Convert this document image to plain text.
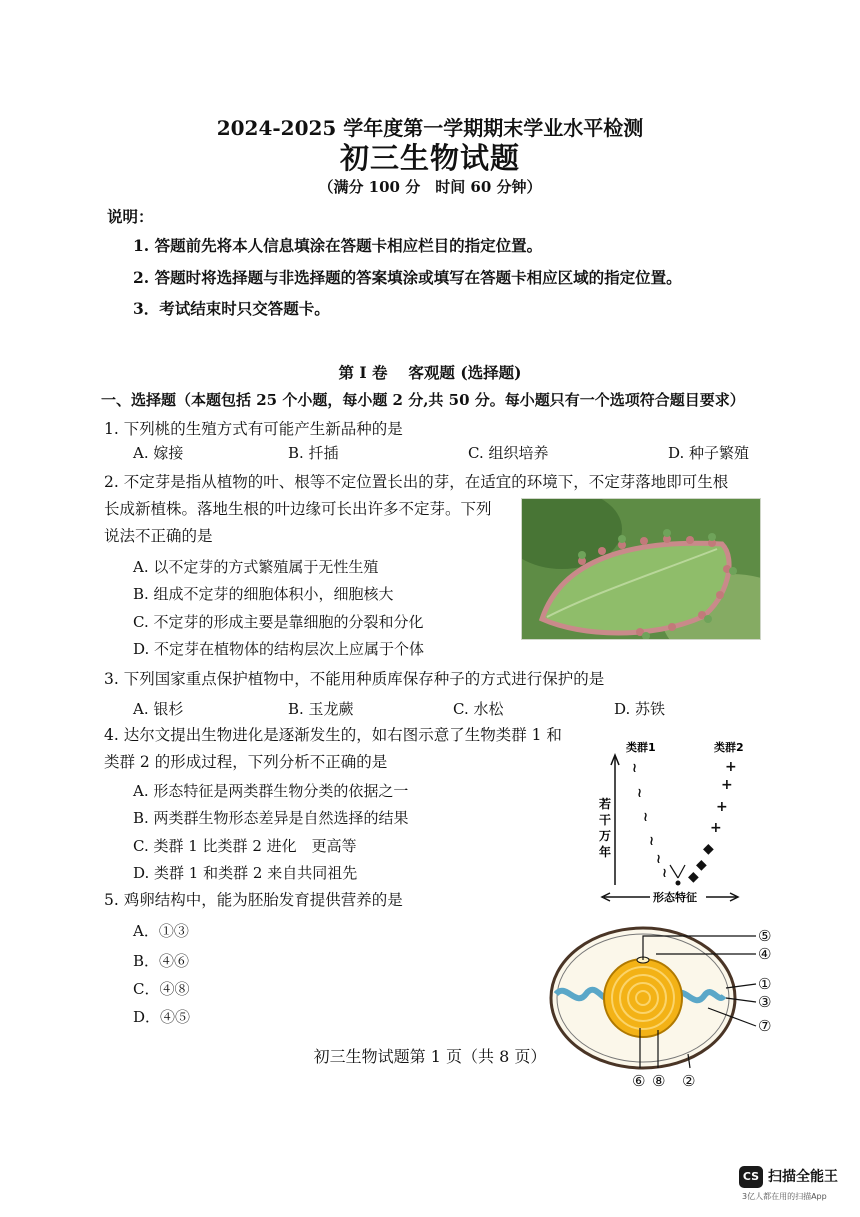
2024-2025 学年度第一学期期末学业水平检测
初三生物试题
（满分 100 分　时间 60 分钟）
说明：
1. 答题前先将本人信息填涂在答题卡相应栏目的指定位置。
2. 答题时将选择题与非选择题的答案填涂或填写在答题卡相应区域的指定位置。
3．考试结束时只交答题卡。
第 I 卷　 客观题 (选择题)
一、选择题（本题包括 25 个小题，每小题 2 分,共 50 分。每小题只有一个选项符合题目要求）
1. 下列桃的生殖方式有可能产生新品种的是
A. 嫁接	B. 扦插	C. 组织培养	D. 种子繁殖
2. 不定芽是指从植物的叶、根等不定位置长出的芽，在适宜的环境下，不定芽落地即可生根
长成新植株。落地生根的叶边缘可长出许多不定芽。下列
说法不正确的是
A. 以不定芽的方式繁殖属于无性生殖
B. 组成不定芽的细胞体积小，细胞核大
C. 不定芽的形成主要是靠细胞的分裂和分化
D. 不定芽在植物体的结构层次上应属于个体
3. 下列国家重点保护植物中，不能用种质库保存种子的方式进行保护的是
A. 银杉	B. 玉龙蕨	C. 水松	D. 苏铁
4. 达尔文提出生物进化是逐渐发生的，如右图示意了生物类群 1 和
类群 2 的形成过程，下列分析不正确的是
A. 形态特征是两类群生物分类的依据之一
B. 两类群生物形态差异是自然选择的结果
C. 类群 1 比类群 2 进化　更高等
D. 类群 1 和类群 2 来自共同祖先
类群1	类群2
若
干
万
年
≀
≀
≀
≀
≀
≀
+
+
+
+
◆
◆
◆
形态特征
5. 鸡卵结构中，能为胚胎发育提供营养的是
A．①③
B．④⑥
C．④⑧
D．④⑤
⑤
④
①
③
⑦
⑥ ⑧ ②
初三生物试题第 1 页（共 8 页）
CS 扫描全能王
3亿人都在用的扫描App
